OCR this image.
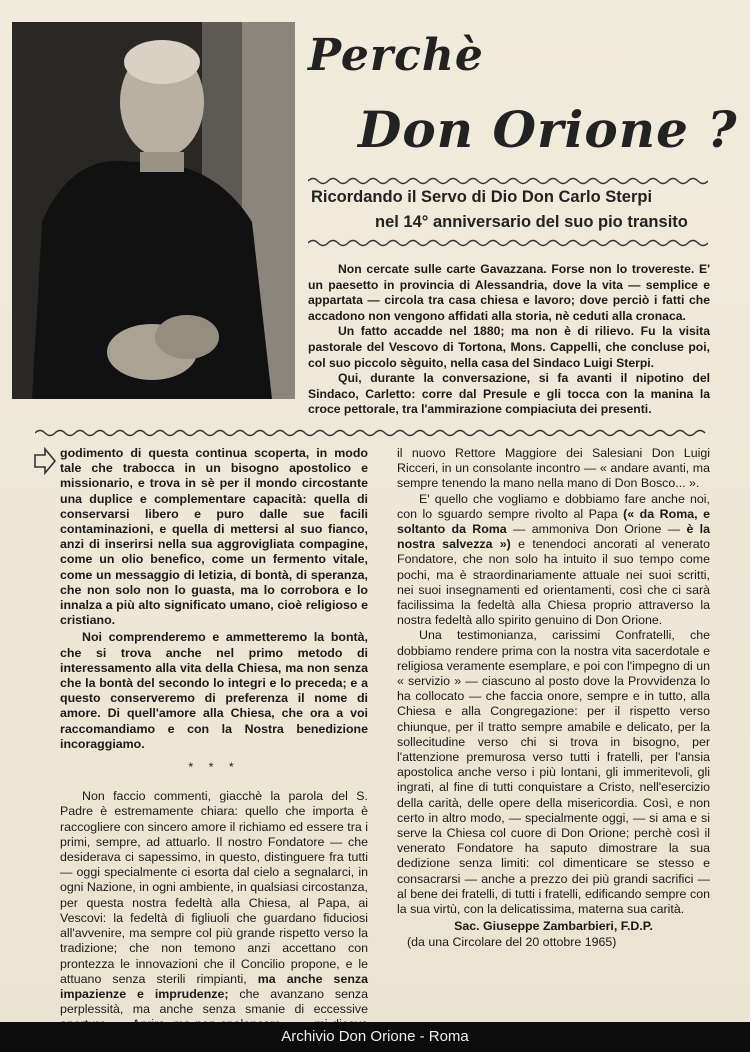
Perchè
Don Orione ?
Ricordando il Servo di Dio Don Carlo Sterpi
nel 14° anniversario del suo pio transito

Non cercate sulle carte Gavazzana. Forse non lo trovereste. E' un paesetto in provincia di Alessandria, dove la vita — semplice e appartata — circola tra casa chiesa e lavoro; dove perciò i fatti che accadono non vengono affidati alla storia, nè ceduti alla cronaca.

Un fatto accadde nel 1880; ma non è di rilievo. Fu la visita pastorale del Vescovo di Tortona, Mons. Cappelli, che concluse poi, col suo piccolo sèguito, nella casa del Sindaco Luigi Sterpi.

Qui, durante la conversazione, si fa avanti il nipotino del Sindaco, Carletto: corre dal Presule e gli tocca con la manina la croce pettorale, tra l'ammirazione compiaciuta dei presenti.

godimento di questa continua scoperta, in modo tale che trabocca in un bisogno apostolico e missionario, e trova in sè per il mondo circostante una duplice e complementare capacità: quella di conservarsi libero e puro dalle sue facili contaminazioni, e quella di mettersi al suo fianco, anzi di inserirsi nella sua aggrovigliata compagine, come un olio benefico, come un fermento vitale, come un messaggio di letizia, di bontà, di speranza, che non solo non lo guasta, ma lo corrobora e lo innalza a più alto significato umano, cioè religioso e cristiano.

Noi comprenderemo e ammetteremo la bontà, che si trova anche nel primo metodo di interessamento alla vita della Chiesa, ma non senza che la bontà del secondo lo integri e lo preceda; e a questo conserveremo di preferenza il nome di amore. Di quell'amore alla Chiesa, che ora a voi raccomandiamo e con la Nostra benedizione incoraggiamo.

* * *

Non faccio commenti, giacchè la parola del S. Padre è estremamente chiara: quello che importa è raccogliere con sincero amore il richiamo ed essere tra i primi, sempre, ad attuarlo. Il nostro Fondatore — che desiderava ci sapessimo, in questo, distinguere fra tutti — oggi specialmente ci esorta dal cielo a segnalarci, in ogni Nazione, in ogni ambiente, in qualsiasi circostanza, per questa nostra fedeltà alla Chiesa, al Papa, ai Vescovi: la fedeltà di figliuoli che guardano fiduciosi all'avvenire, ma sempre col più grande rispetto verso la tradizione; che non temono anzi accettano con prontezza le innovazioni che il Concilio propone, e le attuano senza sterili rimpianti, ma anche senza impazienze e imprudenze; che avanzano senza perplessità, ma anche senza smanie di eccessive

il nuovo Rettore Maggiore dei Salesiani Don Luigi Ricceri, in un consolante incontro — « andare avanti, ma sempre tenendo la mano nella mano di Don Bosco... ».

E' quello che vogliamo e dobbiamo fare anche noi, con lo sguardo sempre rivolto al Papa (« da Roma, e soltanto da Roma — ammoniva Don Orione — è la nostra salvezza ») e tenendoci ancorati al venerato Fondatore, che non solo ha intuito il suo tempo come pochi, ma è straordinariamente attuale nei suoi scritti, nei suoi insegnamenti ed orientamenti, così che ci sarà facilissima la fedeltà alla Chiesa proprio attraverso la nostra fedeltà allo spirito genuino di Don Orione.

Una testimonianza, carissimi Confratelli, che dobbiamo rendere prima con la nostra vita sacerdotale e religiosa veramente esemplare, e poi con l'impegno di un « servizio » — ciascuno al posto dove la Provvidenza lo ha collocato — che faccia onore, sempre e in tutto, alla Chiesa e alla Congregazione: per il rispetto verso chiunque, per il tratto sempre amabile e delicato, per la sollecitudine verso chi si trova in bisogno, per l'attenzione premurosa verso tutti i fratelli, per l'ansia apostolica anche verso i più lontani, gli immeritevoli, gli ingrati, al fine di tutti conquistare a Cristo, nell'esercizio della carità, delle opere della misericordia. Così, e non certo in altro modo, — specialmente oggi, — si ama e si serve la Chiesa col cuore di Don Orione; perchè così il venerato Fondatore ha saputo dimostrare la sua dedizione senza limiti: col dimenticare se stesso e consacrarsi — anche a prezzo dei più grandi sacrifici — al bene dei fratelli, di tutti i fratelli, edificando sempre con la sua virtù, con la delicatissima, materna sua carità.

Sac. Giuseppe Zambarbieri, F.D.P.

(da una Circolare del 20 ottobre 1965)

Archivio Don Orione - Roma
